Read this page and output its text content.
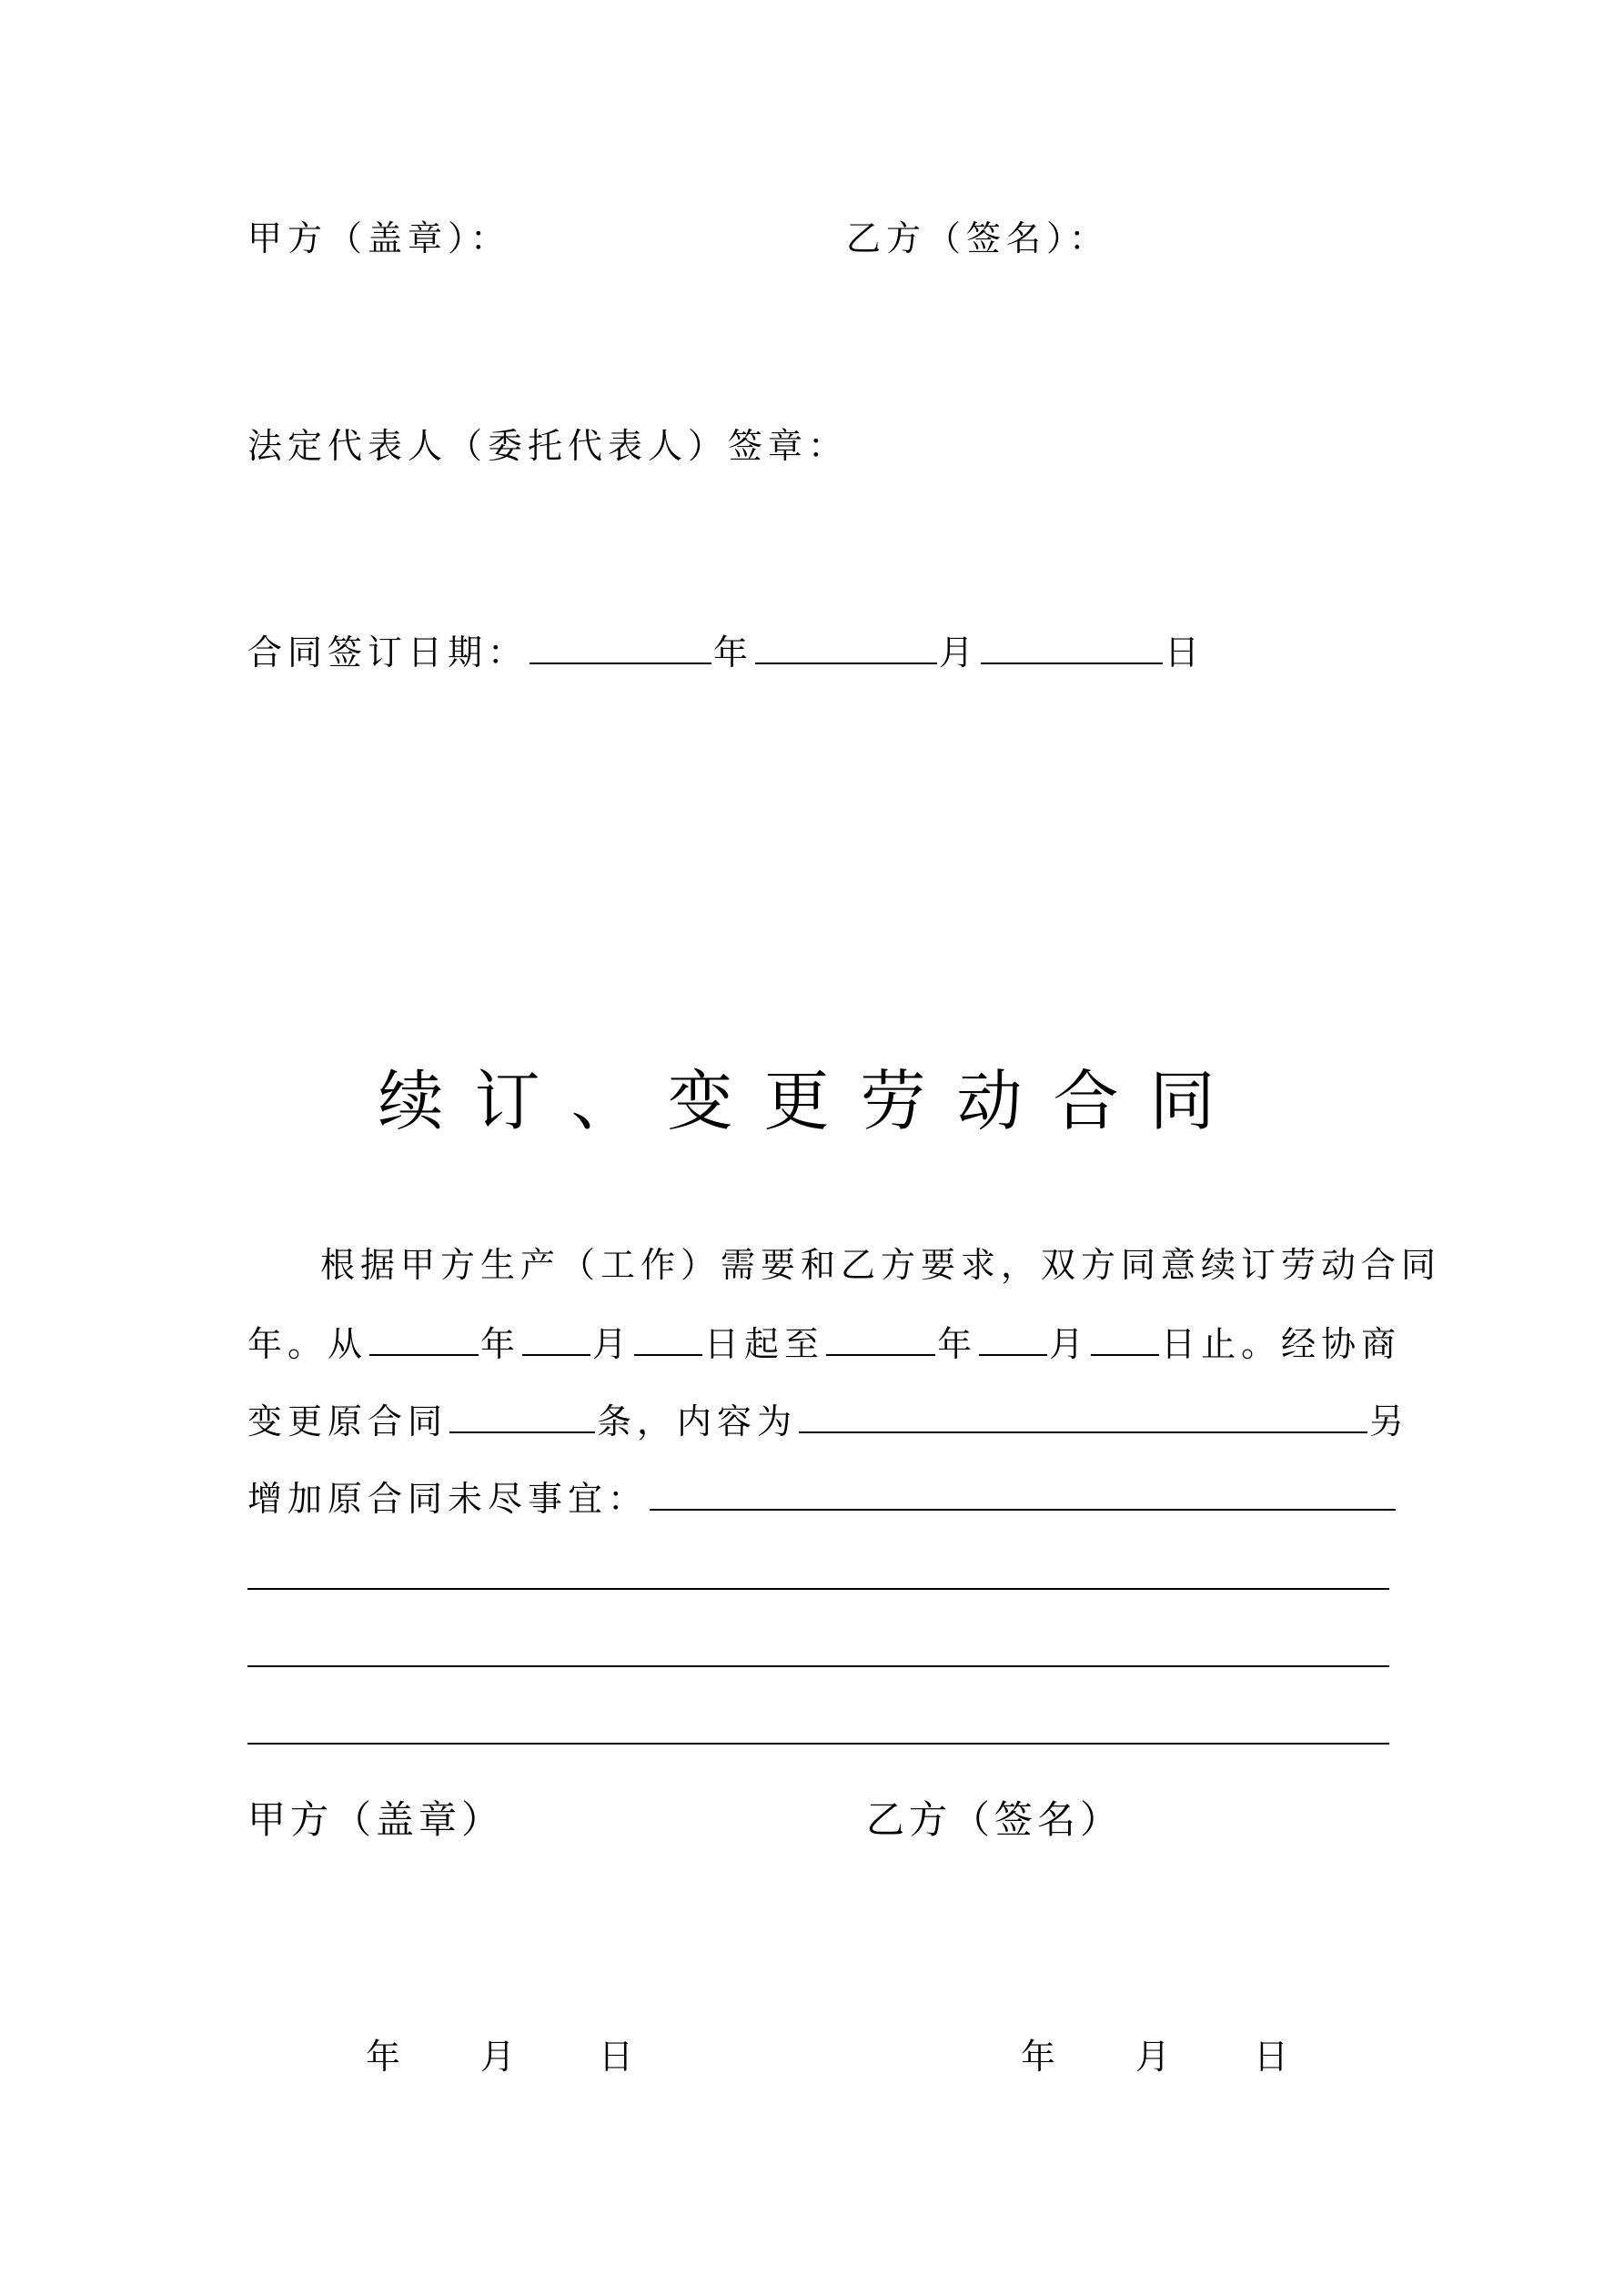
甲方（盖章）：	乙方（签名）：
法定代表人（委托代表人）签章：
合同签订日期：	年	月	日
续订、变更劳动合同
根据甲方生产（工作）需要和乙方要求，双方同意续订劳动合同
年。从	年 月 日起至	年 月 日止。经协商
变更原合同	条，内容为	另
增加原合同未尽事宜：
甲方（盖章）	乙方（签名）
年 月 日	年 月 日
